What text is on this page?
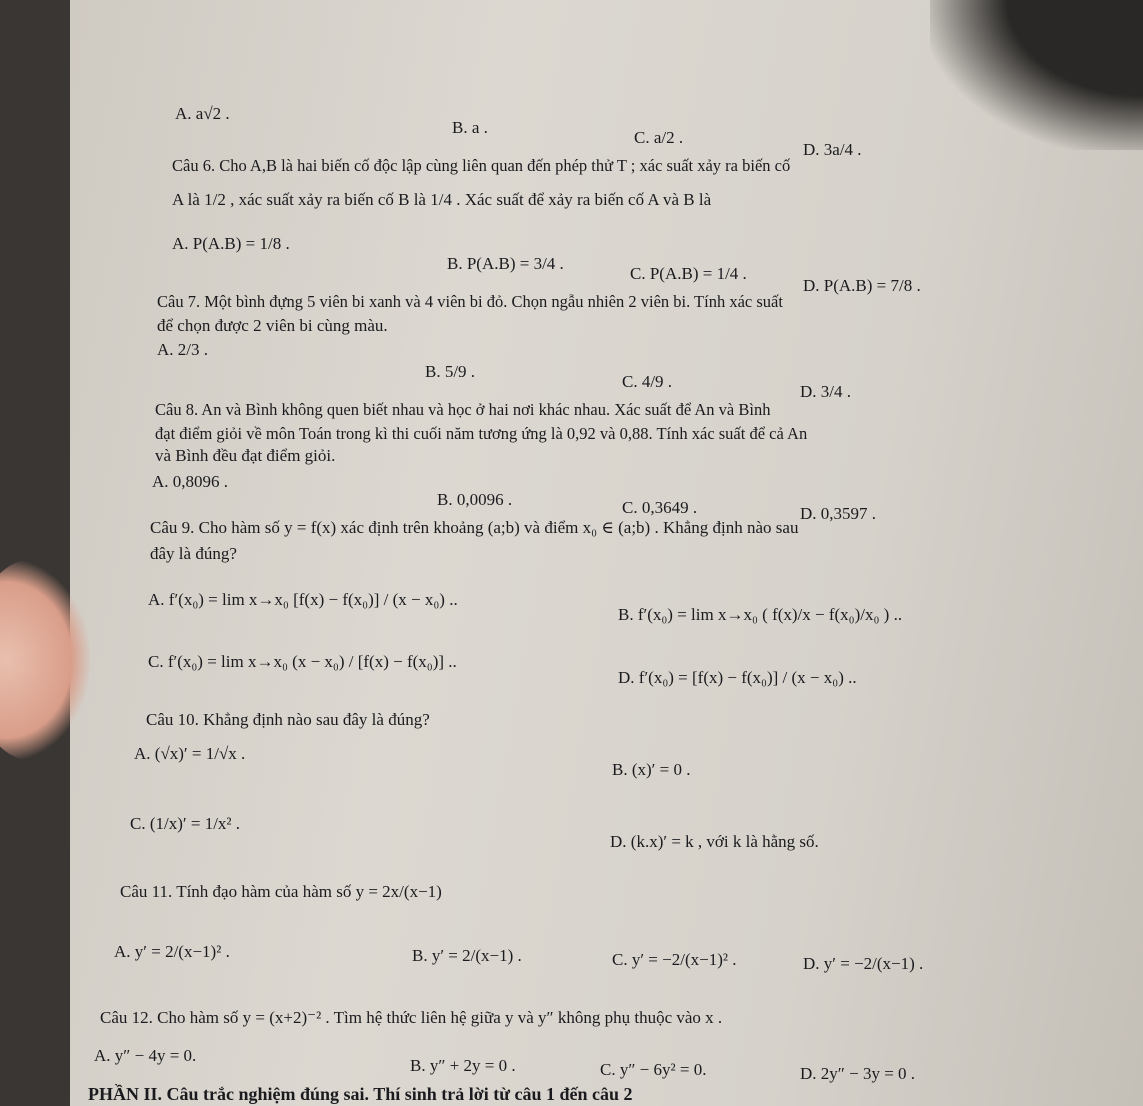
A. a√2 .
B. a .
C. a/2 .
D. 3a/4 .
Câu 6. Cho A,B là hai biến cố độc lập cùng liên quan đến phép thử T ; xác suất xảy ra biến cố
A là 1/2 , xác suất xảy ra biến cố B là 1/4 . Xác suất để xảy ra biến cố A và B là
A. P(A.B) = 1/8 .
B. P(A.B) = 3/4 .
C. P(A.B) = 1/4 .
D. P(A.B) = 7/8 .
Câu 7. Một bình đựng 5 viên bi xanh và 4 viên bi đỏ. Chọn ngẫu nhiên 2 viên bi. Tính xác suất
để chọn được 2 viên bi cùng màu.
A. 2/3 .
B. 5/9 .
C. 4/9 .
D. 3/4 .
Câu 8. An và Bình không quen biết nhau và học ở hai nơi khác nhau. Xác suất để An và Bình
đạt điểm giỏi về môn Toán trong kì thi cuối năm tương ứng là 0,92 và 0,88. Tính xác suất để cả An
và Bình đều đạt điểm giỏi.
A. 0,8096 .
B. 0,0096 .	C. 0,3649 .	D. 0,3597 .
Câu 9. Cho hàm số y = f(x) xác định trên khoảng (a;b) và điểm x₀ ∈ (a;b) . Khẳng định nào sau
đây là đúng?
A. f′(x₀) = lim x→x₀ [f(x) − f(x₀)] / (x − x₀) ..
B. f′(x₀) = lim x→x₀ ( f(x)/x − f(x₀)/x₀ ) ..
C. f′(x₀) = lim x→x₀ (x − x₀) / [f(x) − f(x₀)] ..
D. f′(x₀) = [f(x) − f(x₀)] / (x − x₀) ..
Câu 10. Khẳng định nào sau đây là đúng?
A. (√x)′ = 1/√x .
B. (x)′ = 0 .
C. (1/x)′ = 1/x² .
D. (k.x)′ = k , với k là hằng số.
Câu 11. Tính đạo hàm của hàm số y = 2x/(x−1)
A. y′ = 2/(x−1)² .	B. y′ = 2/(x−1) .	C. y′ = −2/(x−1)² .	D. y′ = −2/(x−1) .
Câu 12. Cho hàm số y = (x+2)⁻² . Tìm hệ thức liên hệ giữa y và y″ không phụ thuộc vào x .
A. y″ − 4y = 0.
B. y″ + 2y = 0 .	C. y″ − 6y² = 0.	D. 2y″ − 3y = 0 .
PHẦN II. Câu trắc nghiệm đúng sai. Thí sinh trả lời từ câu 1 đến câu 2
